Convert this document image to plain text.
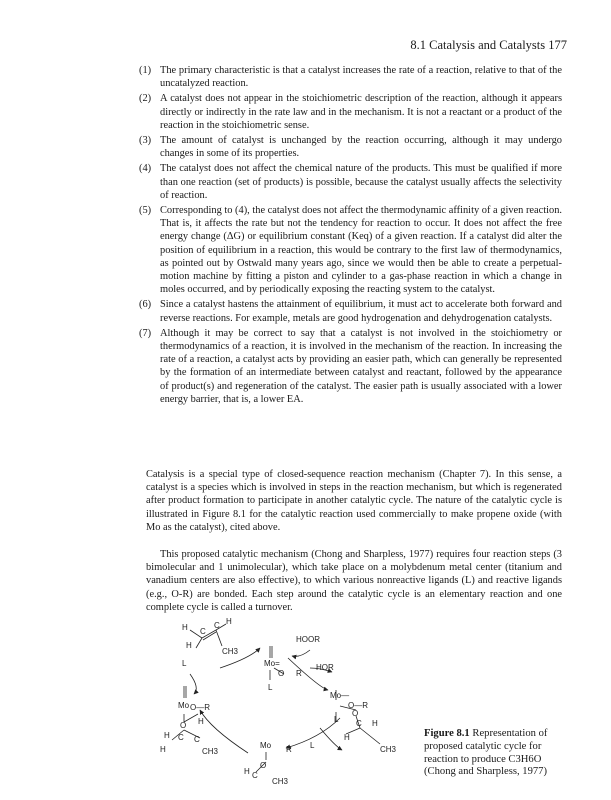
8.1 Catalysis and Catalysts 177
(1) The primary characteristic is that a catalyst increases the rate of a reaction, relative to that of the uncatalyzed reaction.
(2) A catalyst does not appear in the stoichiometric description of the reaction, although it appears directly or indirectly in the rate law and in the mechanism. It is not a reactant or a product of the reaction in the stoichiometric sense.
(3) The amount of catalyst is unchanged by the reaction occurring, although it may undergo changes in some of its properties.
(4) The catalyst does not affect the chemical nature of the products. This must be qualified if more than one reaction (set of products) is possible, because the catalyst usually affects the selectivity of reaction.
(5) Corresponding to (4), the catalyst does not affect the thermodynamic affinity of a given reaction. That is, it affects the rate but not the tendency for reaction to occur. It does not affect the free energy change (ΔG) or equilibrium constant (Keq) of a given reaction. If a catalyst did alter the position of equilibrium in a reaction, this would be contrary to the first law of thermodynamics, as pointed out by Ostwald many years ago, since we would then be able to create a perpetual-motion machine by fitting a piston and cylinder to a gas-phase reaction in which a change in moles occurred, and by periodically exposing the reacting system to the catalyst.
(6) Since a catalyst hastens the attainment of equilibrium, it must act to accelerate both forward and reverse reactions. For example, metals are good hydrogenation and dehydrogenation catalysts.
(7) Although it may be correct to say that a catalyst is not involved in the stoichiometry or thermodynamics of a reaction, it is involved in the mechanism of the reaction. In increasing the rate of a reaction, a catalyst acts by providing an easier path, which can generally be represented by the formation of an intermediate between catalyst and reactant, followed by the appearance of product(s) and regeneration of the catalyst. The easier path is usually associated with a lower energy barrier, that is, a lower EA.

Catalysis is a special type of closed-sequence reaction mechanism (Chapter 7). In this sense, a catalyst is a species which is involved in steps in the reaction mechanism, but which is regenerated after product formation to participate in another catalytic cycle. The nature of the catalytic cycle is illustrated in Figure 8.1 for the catalytic reaction used commercially to make propene oxide (with Mo as the catalyst), cited above.

This proposed catalytic mechanism (Chong and Sharpless, 1977) requires four reaction steps (3 bimolecular and 1 unimolecular), which take place on a molybdenum metal center (titanium and vanadium centers are also effective), to which various nonreactive ligands (L) and reactive ligands (e.g., O-R) are bonded. Each step around the catalytic cycle is an elementary reaction and one complete cycle is called a turnover.

H C
C H
H
CH3
L	Mo=
O R
L
HOOR
HOR
Mo O—R
O H
H C C
H	CH3
Mo—
O—R
L
H
C
O
H
CH3
Mo
O
R L
H C
CH3
Figure 8.1 Representation of proposed catalytic cycle for reaction to produce C3H6O (Chong and Sharpless, 1977)
